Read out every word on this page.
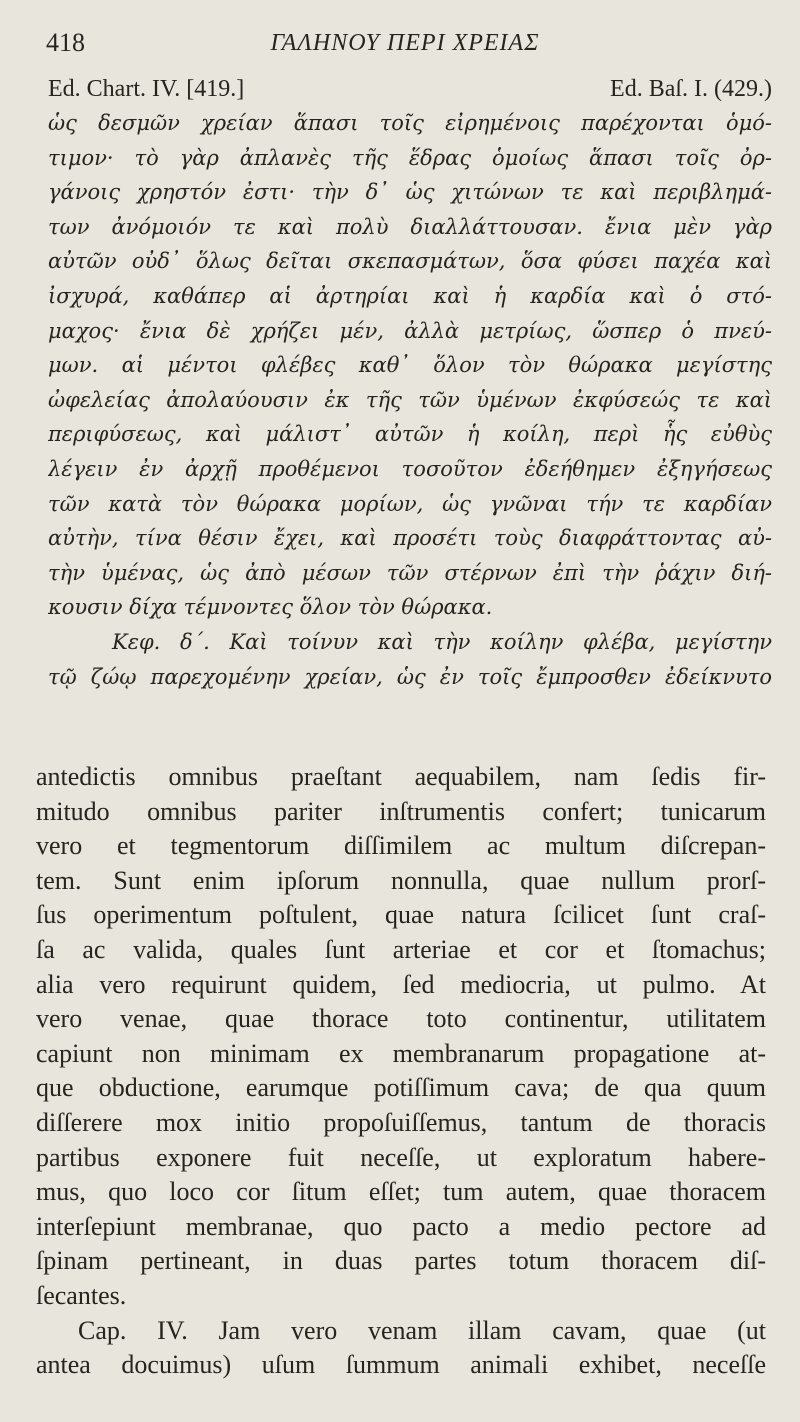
418	ΓΑΛΗΝΟΥ ΠΕΡΙ ΧΡΕΙΑΣ
Ed. Chart. IV. [419.]	Ed. Baſ. I. (429.)
ὡς δεσμῶν χρείαν ἅπασι τοῖς εἰρημένοις παρέχονται ὁμό-
τιμον· τὸ γὰρ ἀπλανὲς τῆς ἕδρας ὁμοίως ἅπασι τοῖς ὀρ-
γάνοις χρηστόν ἐστι· τὴν δ᾿ ὡς χιτώνων τε καὶ περιβλημά-
των ἀνόμοιόν τε καὶ πολὺ διαλλάττουσαν. ἔνια μὲν γὰρ
αὐτῶν οὐδ᾿ ὅλως δεῖται σκεπασμάτων, ὅσα φύσει παχέα καὶ
ἰσχυρά, καθάπερ αἱ ἀρτηρίαι καὶ ἡ καρδία καὶ ὁ στό-
μαχος· ἔνια δὲ χρήζει μέν, ἀλλὰ μετρίως, ὥσπερ ὁ πνεύ-
μων. αἱ μέντοι φλέβες καθ᾿ ὅλον τὸν θώρακα μεγίστης
ὠφελείας ἀπολαύουσιν ἐκ τῆς τῶν ὑμένων ἐκφύσεώς τε καὶ
περιφύσεως, καὶ μάλιστ᾿ αὐτῶν ἡ κοίλη, περὶ ἧς εὐθὺς
λέγειν ἐν ἀρχῇ προθέμενοι τοσοῦτον ἐδεήθημεν ἐξηγήσεως
τῶν κατὰ τὸν θώρακα μορίων, ὡς γνῶναι τήν τε καρδίαν
αὐτὴν, τίνα θέσιν ἔχει, καὶ προσέτι τοὺς διαφράττοντας αὐ-
τὴν ὑμένας, ὡς ἀπὸ μέσων τῶν στέρνων ἐπὶ τὴν ῥάχιν διή-
κουσιν δίχα τέμνοντες ὅλον τὸν θώρακα.
Κεφ. δ΄. Καὶ τοίνυν καὶ τὴν κοίλην φλέβα, μεγίστην
τῷ ζώῳ παρεχομένην χρείαν, ὡς ἐν τοῖς ἔμπροσθεν ἐδείκνυτο
antedictis omnibus praeſtant aequabilem, nam ſedis fir-
mitudo omnibus pariter inſtrumentis confert; tunicarum
vero et tegmentorum diſſimilem ac multum diſcrepan-
tem. Sunt enim ipſorum nonnulla, quae nullum prorſ-
ſus operimentum poſtulent, quae natura ſcilicet ſunt craſ-
ſa ac valida, quales ſunt arteriae et cor et ſtomachus;
alia vero requirunt quidem, ſed mediocria, ut pulmo. At
vero venae, quae thorace toto continentur, utilitatem
capiunt non minimam ex membranarum propagatione at-
que obductione, earumque potiſſimum cava; de qua quum
diſſerere mox initio propoſuiſſemus, tantum de thoracis
partibus exponere fuit neceſſe, ut exploratum habere-
mus, quo loco cor ſitum eſſet; tum autem, quae thoracem
interſepiunt membranae, quo pacto a medio pectore ad
ſpinam pertineant, in duas partes totum thoracem diſ-
ſecantes.
Cap. IV. Jam vero venam illam cavam, quae (ut
antea docuimus) uſum ſummum animali exhibet, neceſſe
